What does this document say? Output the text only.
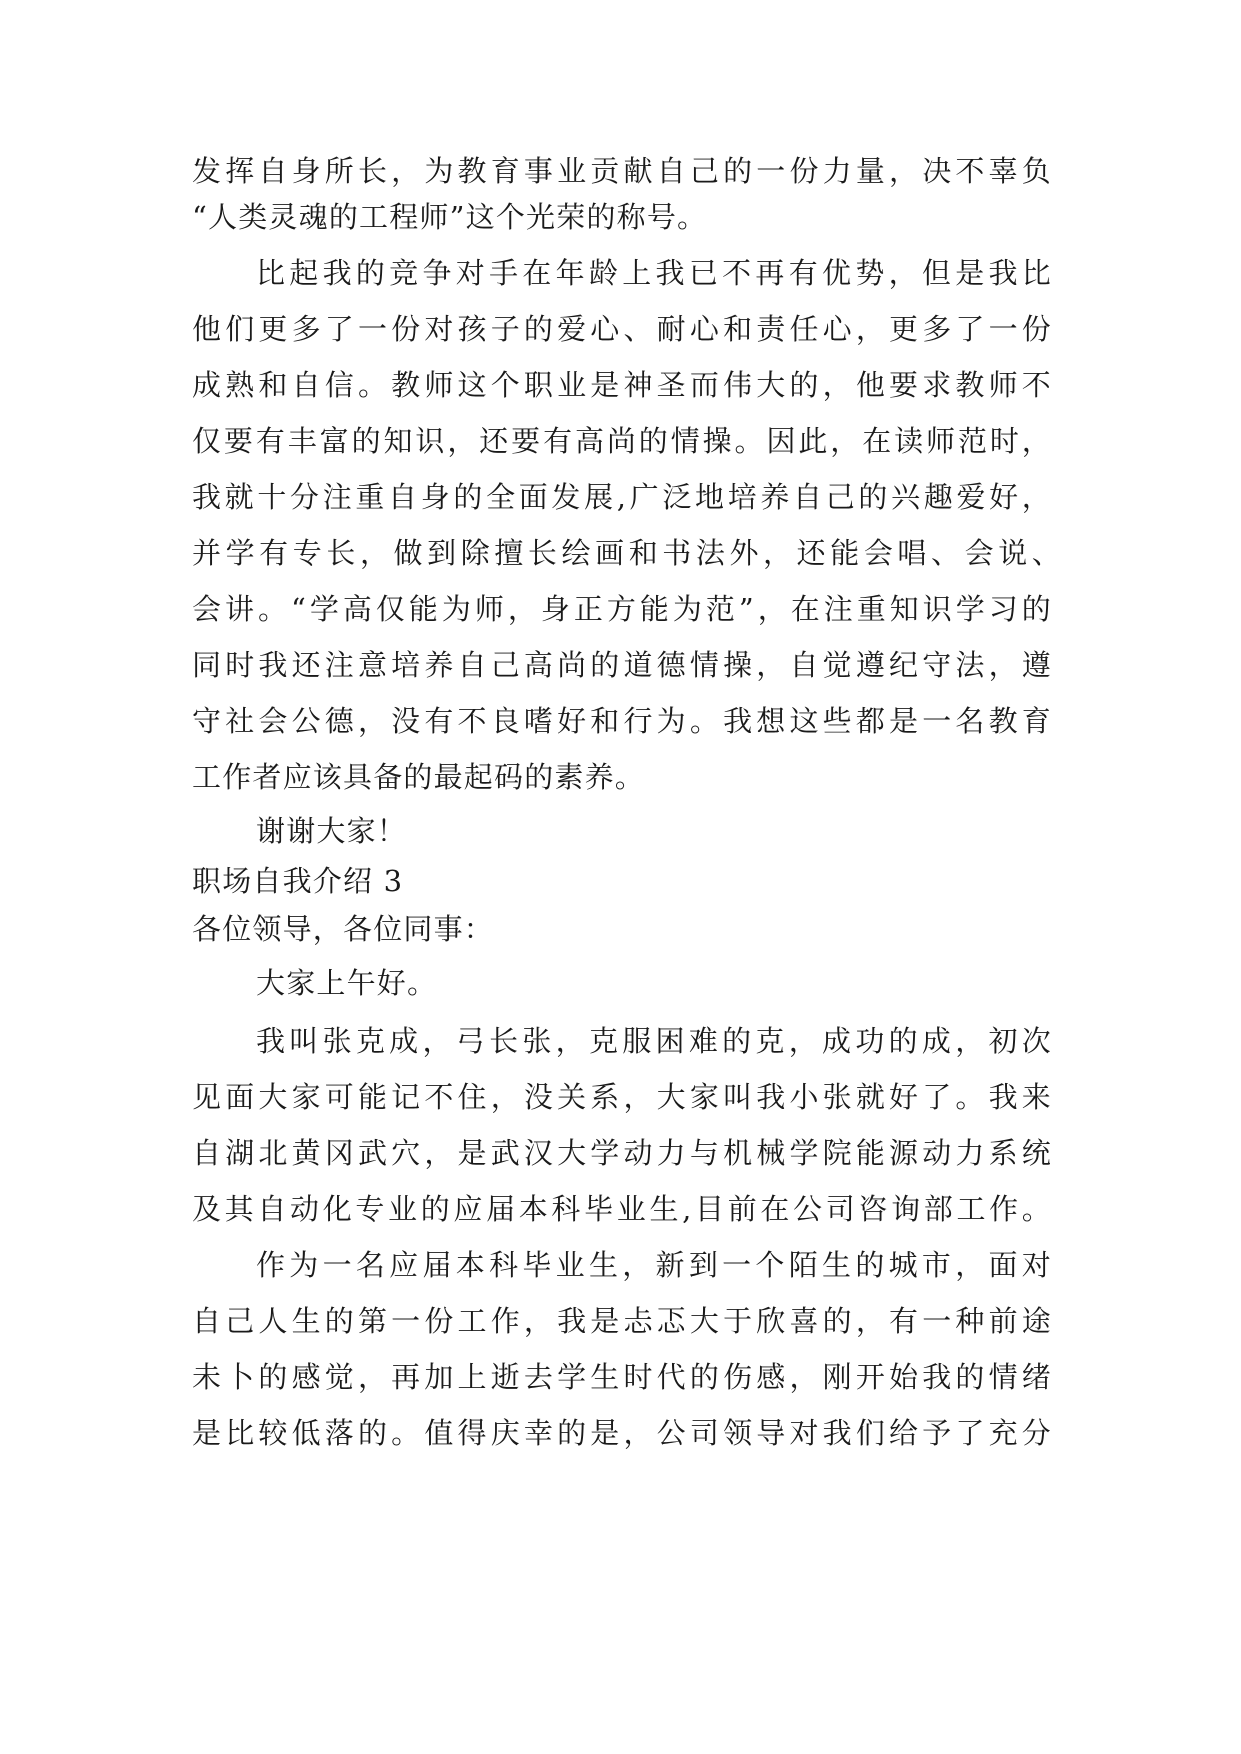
发挥自身所长，为教育事业贡献自己的一份力量，决不辜负
“人类灵魂的工程师”这个光荣的称号。
比起我的竞争对手在年龄上我已不再有优势，但是我比
他们更多了一份对孩子的爱心、耐心和责任心，更多了一份
成熟和自信。教师这个职业是神圣而伟大的，他要求教师不
仅要有丰富的知识，还要有高尚的情操。因此，在读师范时，
我就十分注重自身的全面发展,广泛地培养自己的兴趣爱好，
并学有专长，做到除擅长绘画和书法外，还能会唱、会说、
会讲。“学高仅能为师，身正方能为范”，在注重知识学习的
同时我还注意培养自己高尚的道德情操，自觉遵纪守法，遵
守社会公德，没有不良嗜好和行为。我想这些都是一名教育
工作者应该具备的最起码的素养。
谢谢大家！
职场自我介绍 3
各位领导，各位同事：
大家上午好。
我叫张克成，弓长张，克服困难的克，成功的成，初次
见面大家可能记不住，没关系，大家叫我小张就好了。我来
自湖北黄冈武穴，是武汉大学动力与机械学院能源动力系统
及其自动化专业的应届本科毕业生,目前在公司咨询部工作。
作为一名应届本科毕业生，新到一个陌生的城市，面对
自己人生的第一份工作，我是忐忑大于欣喜的，有一种前途
未卜的感觉，再加上逝去学生时代的伤感，刚开始我的情绪
是比较低落的。值得庆幸的是，公司领导对我们给予了充分
